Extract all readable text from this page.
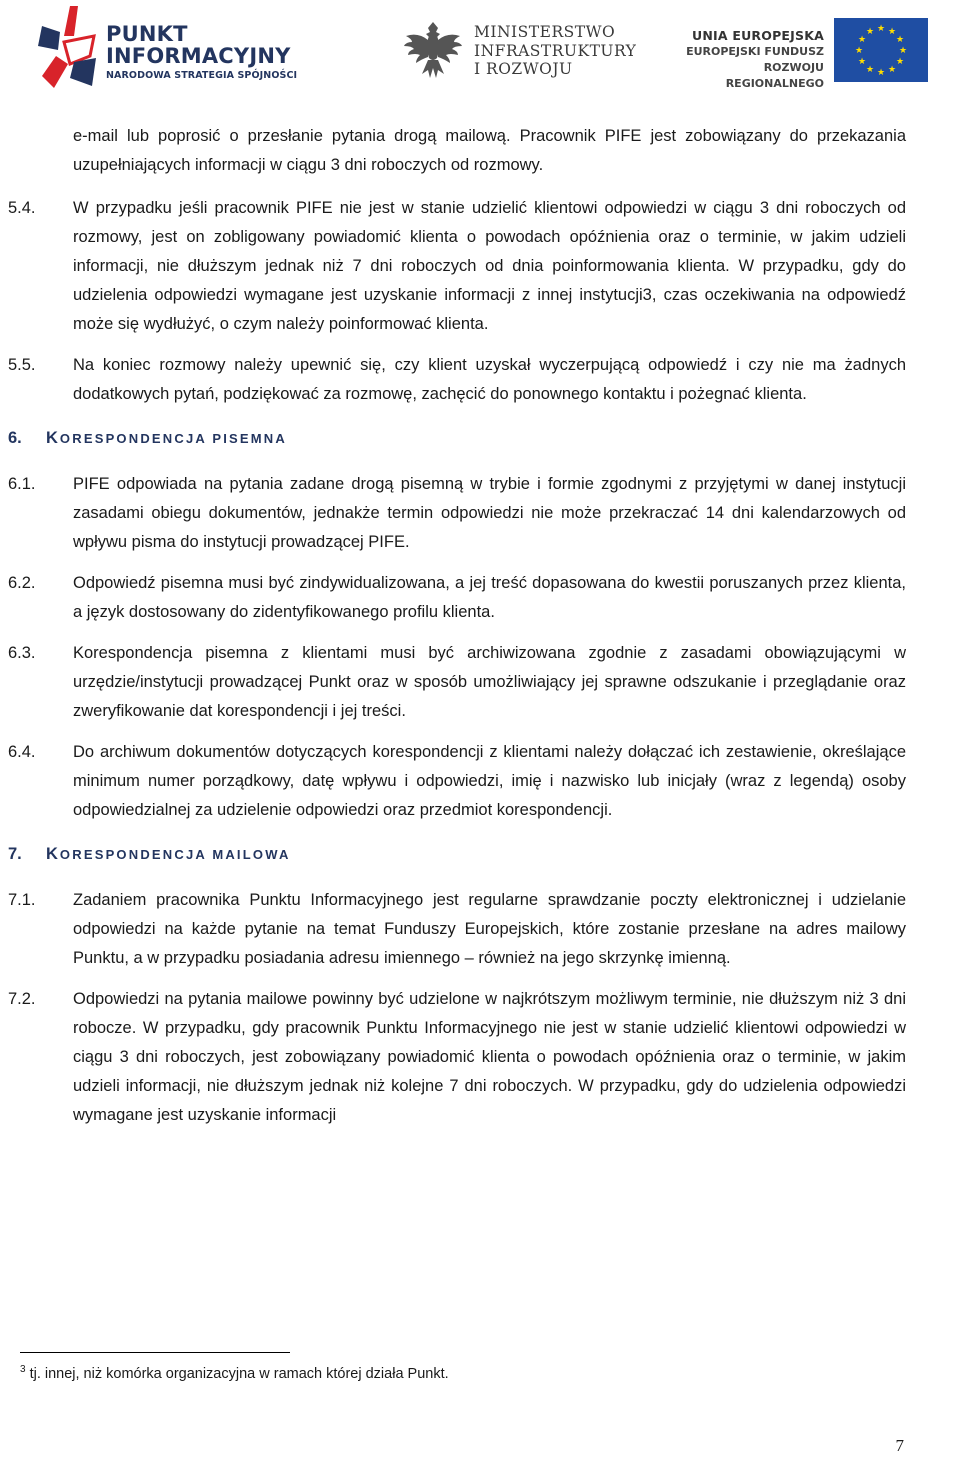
PUNKT
INFORMACYJNY
NARODOWA STRATEGIA SPÓJNOŚCI
MINISTERSTWO
INFRASTRUKTURY
I ROZWOJU
UNIA EUROPEJSKA
EUROPEJSKI FUNDUSZ
ROZWOJU REGIONALNEGO
★ ★
★
★
★
★
★
★
★
★
★
★
e-mail lub poprosić o przesłanie pytania drogą mailową. Pracownik PIFE jest zobowiązany do przekazania uzupełniających informacji w ciągu 3 dni roboczych od rozmowy.
5.4. W przypadku jeśli pracownik PIFE nie jest w stanie udzielić klientowi odpowiedzi w ciągu 3 dni roboczych od rozmowy, jest on zobligowany powiadomić klienta o powodach opóźnienia oraz o terminie, w jakim udzieli informacji, nie dłuższym jednak niż 7 dni roboczych od dnia poinformowania klienta. W przypadku, gdy do udzielenia odpowiedzi wymagane jest uzyskanie informacji z innej instytucji3, czas oczekiwania na odpowiedź może się wydłużyć, o czym należy poinformować klienta.
5.5. Na koniec rozmowy należy upewnić się, czy klient uzyskał wyczerpującą odpowiedź i czy nie ma żadnych dodatkowych pytań, podziękować za rozmowę, zachęcić do ponownego kontaktu i pożegnać klienta.
6. KORESPONDENCJA PISEMNA
6.1. PIFE odpowiada na pytania zadane drogą pisemną w trybie i formie zgodnymi z przyjętymi w danej instytucji zasadami obiegu dokumentów, jednakże termin odpowiedzi nie może przekraczać 14 dni kalendarzowych od wpływu pisma do instytucji prowadzącej PIFE.
6.2. Odpowiedź pisemna musi być zindywidualizowana, a jej treść dopasowana do kwestii poruszanych przez klienta, a język dostosowany do zidentyfikowanego profilu klienta.
6.3. Korespondencja pisemna z klientami musi być archiwizowana zgodnie z zasadami obowiązującymi w urzędzie/instytucji prowadzącej Punkt oraz w sposób umożliwiający jej sprawne odszukanie i przeglądanie oraz zweryfikowanie dat korespondencji i jej treści.
6.4. Do archiwum dokumentów dotyczących korespondencji z klientami należy dołączać ich zestawienie, określające minimum numer porządkowy, datę wpływu i odpowiedzi, imię i nazwisko lub inicjały (wraz z legendą) osoby odpowiedzialnej za udzielenie odpowiedzi oraz przedmiot korespondencji.
7. KORESPONDENCJA MAILOWA
7.1. Zadaniem pracownika Punktu Informacyjnego jest regularne sprawdzanie poczty elektronicznej i udzielanie odpowiedzi na każde pytanie na temat Funduszy Europejskich, które zostanie przesłane na adres mailowy Punktu, a w przypadku posiadania adresu imiennego – również na jego skrzynkę imienną.
7.2. Odpowiedzi na pytania mailowe powinny być udzielone w najkrótszym możliwym terminie, nie dłuższym niż 3 dni robocze. W przypadku, gdy pracownik Punktu Informacyjnego nie jest w stanie udzielić klientowi odpowiedzi w ciągu 3 dni roboczych, jest zobowiązany powiadomić klienta o powodach opóźnienia oraz o terminie, w jakim udzieli informacji, nie dłuższym jednak niż kolejne 7 dni roboczych. W przypadku, gdy do udzielenia odpowiedzi wymagane jest uzyskanie informacji
$^3$ tj. innej, niż komórka organizacyjna w ramach której działa Punkt.
7
